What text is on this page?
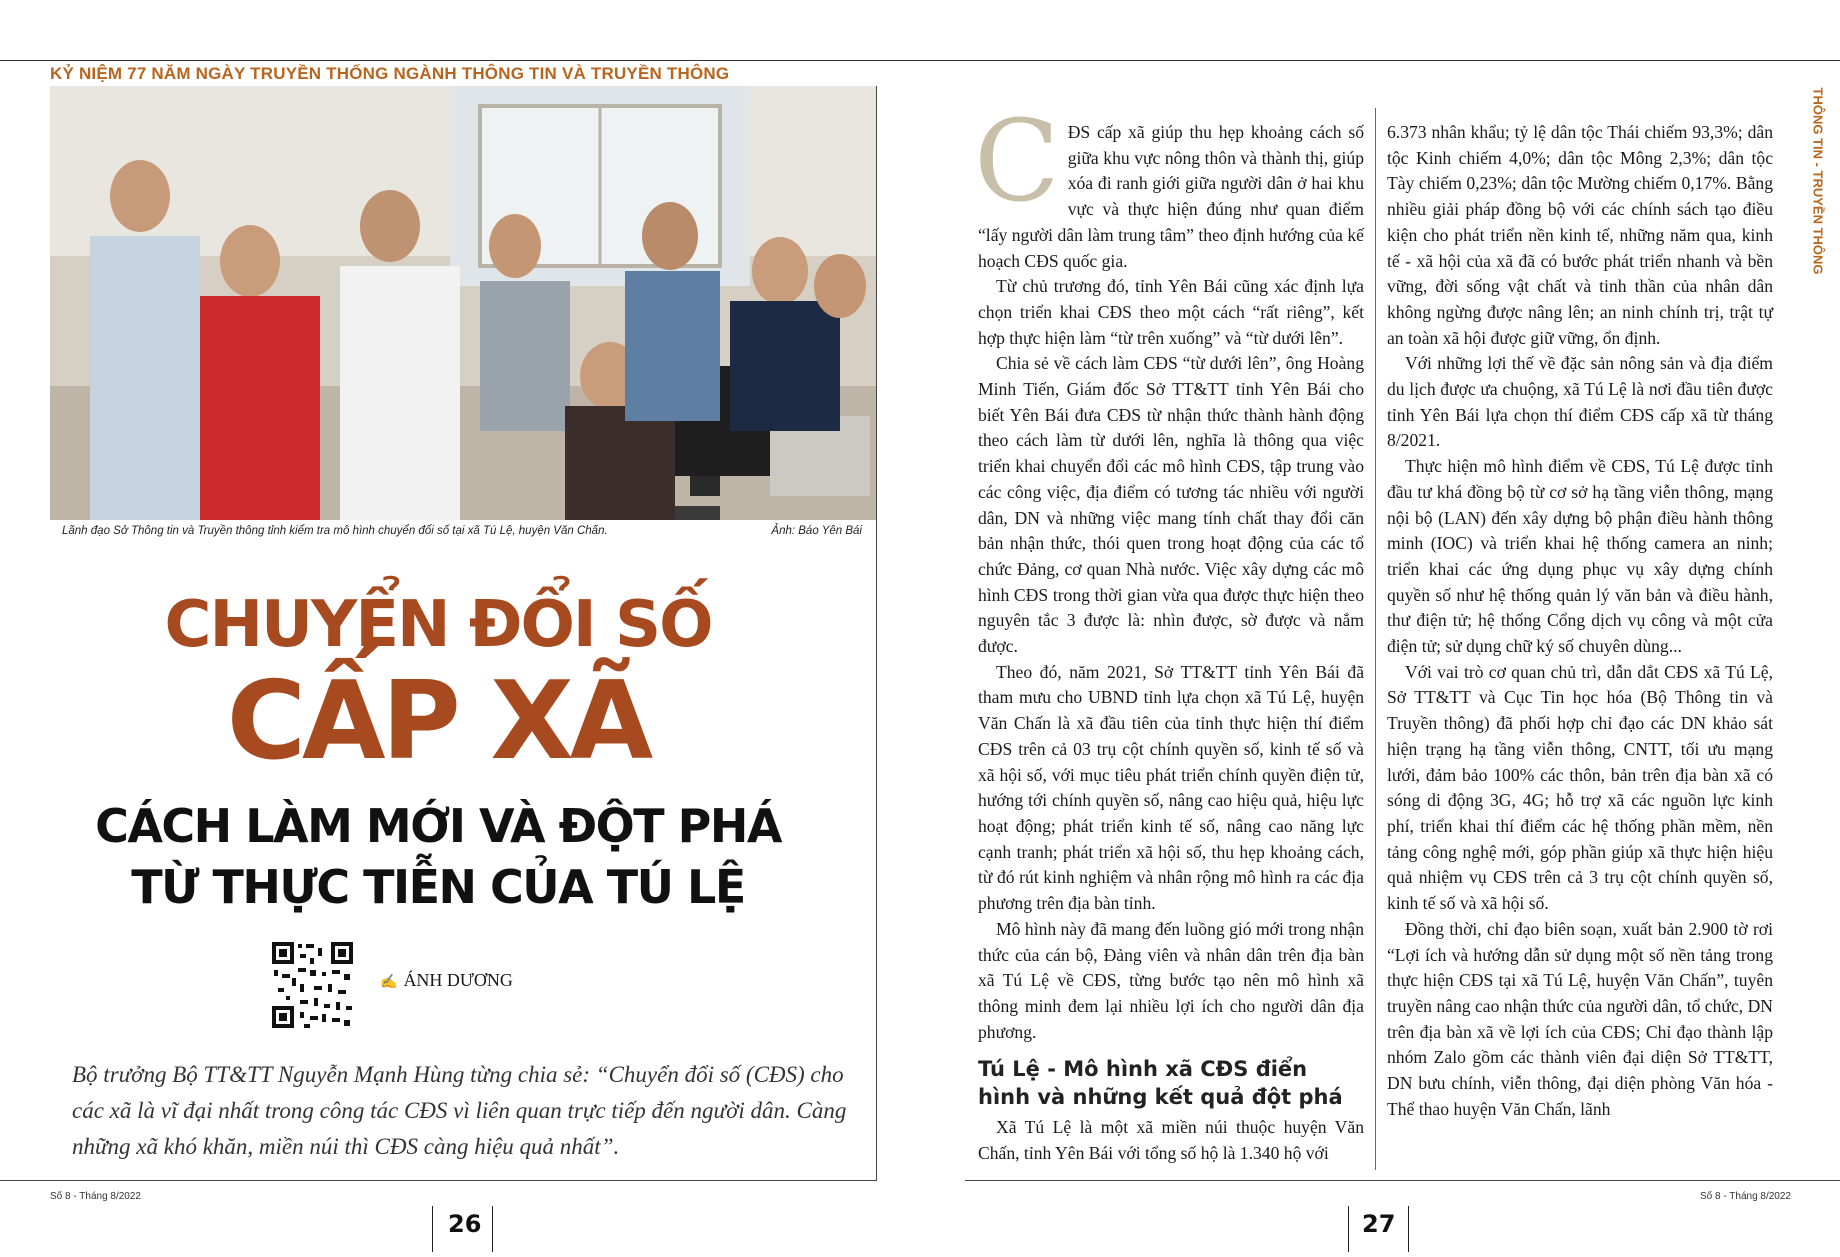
KỶ NIỆM 77 NĂM NGÀY TRUYỀN THỐNG NGÀNH THÔNG TIN VÀ TRUYỀN THÔNG
THÔNG TIN - TRUYỀN THÔNG
Lãnh đạo Sở Thông tin và Truyền thông tỉnh kiểm tra mô hình chuyển đổi số tại xã Tú Lệ, huyện Văn Chấn.	Ảnh: Báo Yên Bái
CHUYỂN ĐỔI SỐ
CẤP XÃ
CÁCH LÀM MỚI VÀ ĐỘT PHÁ
TỪ THỰC TIỄN CỦA TÚ LỆ
✍ ÁNH DƯƠNG
Bộ trưởng Bộ TT&TT Nguyễn Mạnh Hùng từng chia sẻ: “Chuyển đổi số (CĐS) cho các xã là vĩ đại nhất trong công tác CĐS vì liên quan trực tiếp đến người dân. Càng những xã khó khăn, miền núi thì CĐS càng hiệu quả nhất”.

CĐS cấp xã giúp thu hẹp khoảng cách số giữa khu vực nông thôn và thành thị, giúp xóa đi ranh giới giữa người dân ở hai khu vực và thực hiện đúng như quan điểm “lấy người dân làm trung tâm” theo định hướng của kế hoạch CĐS quốc gia.

Từ chủ trương đó, tỉnh Yên Bái cũng xác định lựa chọn triển khai CĐS theo một cách “rất riêng”, kết hợp thực hiện làm “từ trên xuống” và “từ dưới lên”.

Chia sẻ về cách làm CĐS “từ dưới lên”, ông Hoàng Minh Tiến, Giám đốc Sở TT&TT tỉnh Yên Bái cho biết Yên Bái đưa CĐS từ nhận thức thành hành động theo cách làm từ dưới lên, nghĩa là thông qua việc triển khai chuyển đổi các mô hình CĐS, tập trung vào các công việc, địa điểm có tương tác nhiều với người dân, DN và những việc mang tính chất thay đổi căn bản nhận thức, thói quen trong hoạt động của các tổ chức Đảng, cơ quan Nhà nước. Việc xây dựng các mô hình CĐS trong thời gian vừa qua được thực hiện theo nguyên tắc 3 được là: nhìn được, sờ được và nắm được.

Theo đó, năm 2021, Sở TT&TT tỉnh Yên Bái đã tham mưu cho UBND tỉnh lựa chọn xã Tú Lệ, huyện Văn Chấn là xã đầu tiên của tỉnh thực hiện thí điểm CĐS trên cả 03 trụ cột chính quyền số, kinh tế số và xã hội số, với mục tiêu phát triển chính quyền điện tử, hướng tới chính quyền số, nâng cao hiệu quả, hiệu lực hoạt động; phát triển kinh tế số, nâng cao năng lực cạnh tranh; phát triển xã hội số, thu hẹp khoảng cách, từ đó rút kinh nghiệm và nhân rộng mô hình ra các địa phương trên địa bàn tỉnh.

Mô hình này đã mang đến luồng gió mới trong nhận thức của cán bộ, Đảng viên và nhân dân trên địa bàn xã Tú Lệ về CĐS, từng bước tạo nên mô hình xã thông minh đem lại nhiều lợi ích cho người dân địa phương.

Tú Lệ - Mô hình xã CĐS điển hình và những kết quả đột phá

Xã Tú Lệ là một xã miền núi thuộc huyện Văn Chấn, tỉnh Yên Bái với tổng số hộ là 1.340 hộ với

6.373 nhân khẩu; tỷ lệ dân tộc Thái chiếm 93,3%; dân tộc Kinh chiếm 4,0%; dân tộc Mông 2,3%; dân tộc Tày chiếm 0,23%; dân tộc Mường chiếm 0,17%. Bằng nhiều giải pháp đồng bộ với các chính sách tạo điều kiện cho phát triển nền kinh tế, những năm qua, kinh tế - xã hội của xã đã có bước phát triển nhanh và bền vững, đời sống vật chất và tinh thần của nhân dân không ngừng được nâng lên; an ninh chính trị, trật tự an toàn xã hội được giữ vững, ổn định.

Với những lợi thế về đặc sản nông sản và địa điểm du lịch được ưa chuộng, xã Tú Lệ là nơi đầu tiên được tỉnh Yên Bái lựa chọn thí điểm CĐS cấp xã từ tháng 8/2021.

Thực hiện mô hình điểm về CĐS, Tú Lệ được tỉnh đầu tư khá đồng bộ từ cơ sở hạ tầng viễn thông, mạng nội bộ (LAN) đến xây dựng bộ phận điều hành thông minh (IOC) và triển khai hệ thống camera an ninh; triển khai các ứng dụng phục vụ xây dựng chính quyền số như hệ thống quản lý văn bản và điều hành, thư điện tử; hệ thống Cổng dịch vụ công và một cửa điện tử; sử dụng chữ ký số chuyên dùng...

Với vai trò cơ quan chủ trì, dẫn dắt CĐS xã Tú Lệ, Sở TT&TT và Cục Tin học hóa (Bộ Thông tin và Truyền thông) đã phối hợp chỉ đạo các DN khảo sát hiện trạng hạ tầng viễn thông, CNTT, tối ưu mạng lưới, đảm bảo 100% các thôn, bản trên địa bàn xã có sóng di động 3G, 4G; hỗ trợ xã các nguồn lực kinh phí, triển khai thí điểm các hệ thống phần mềm, nền tảng công nghệ mới, góp phần giúp xã thực hiện hiệu quả nhiệm vụ CĐS trên cả 3 trụ cột chính quyền số, kinh tế số và xã hội số.

Đồng thời, chỉ đạo biên soạn, xuất bản 2.900 tờ rơi “Lợi ích và hướng dẫn sử dụng một số nền tảng trong thực hiện CĐS tại xã Tú Lệ, huyện Văn Chấn”, tuyên truyền nâng cao nhận thức của người dân, tổ chức, DN trên địa bàn xã về lợi ích của CĐS; Chỉ đạo thành lập nhóm Zalo gồm các thành viên đại diện Sở TT&TT, DN bưu chính, viễn thông, đại diện phòng Văn hóa - Thể thao huyện Văn Chấn, lãnh

Số 8 - Tháng 8/2022	Số 8 - Tháng 8/2022
26	27
